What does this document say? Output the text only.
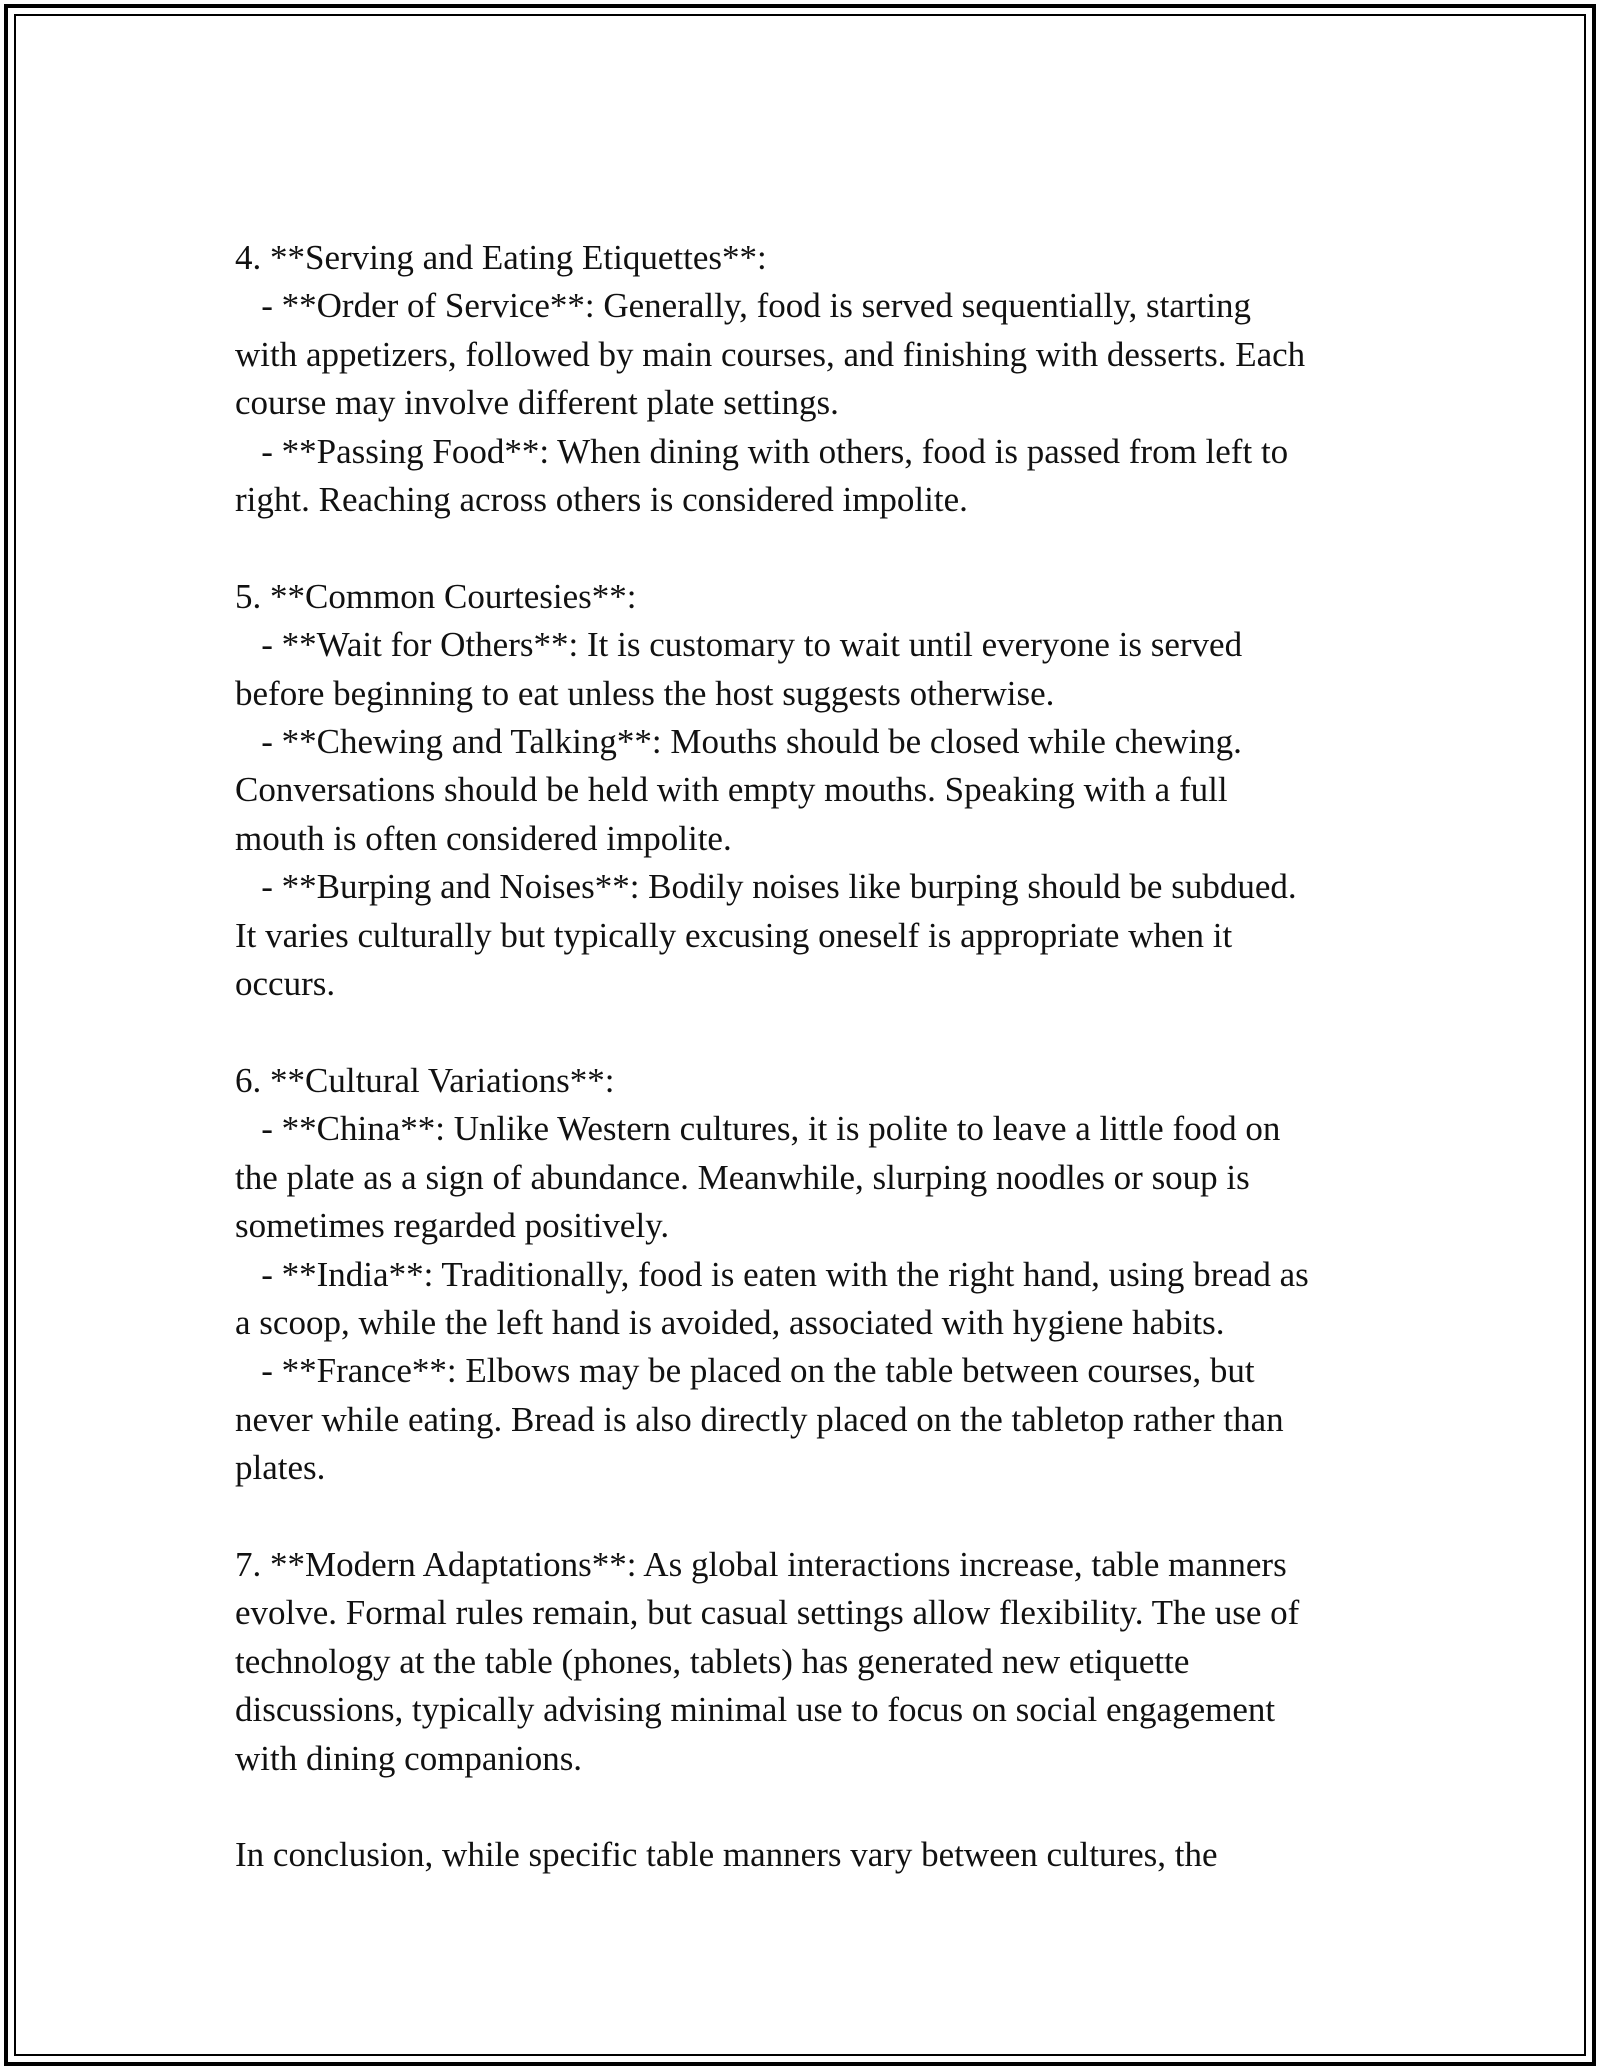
4. **Serving and Eating Etiquettes**:
- **Order of Service**: Generally, food is served sequentially, starting
with appetizers, followed by main courses, and finishing with desserts. Each
course may involve different plate settings.
- **Passing Food**: When dining with others, food is passed from left to
right. Reaching across others is considered impolite.
5. **Common Courtesies**:
- **Wait for Others**: It is customary to wait until everyone is served
before beginning to eat unless the host suggests otherwise.
- **Chewing and Talking**: Mouths should be closed while chewing.
Conversations should be held with empty mouths. Speaking with a full
mouth is often considered impolite.
- **Burping and Noises**: Bodily noises like burping should be subdued.
It varies culturally but typically excusing oneself is appropriate when it
occurs.
6. **Cultural Variations**:
- **China**: Unlike Western cultures, it is polite to leave a little food on
the plate as a sign of abundance. Meanwhile, slurping noodles or soup is
sometimes regarded positively.
- **India**: Traditionally, food is eaten with the right hand, using bread as
a scoop, while the left hand is avoided, associated with hygiene habits.
- **France**: Elbows may be placed on the table between courses, but
never while eating. Bread is also directly placed on the tabletop rather than
plates.
7. **Modern Adaptations**: As global interactions increase, table manners
evolve. Formal rules remain, but casual settings allow flexibility. The use of
technology at the table (phones, tablets) has generated new etiquette
discussions, typically advising minimal use to focus on social engagement
with dining companions.
In conclusion, while specific table manners vary between cultures, the
